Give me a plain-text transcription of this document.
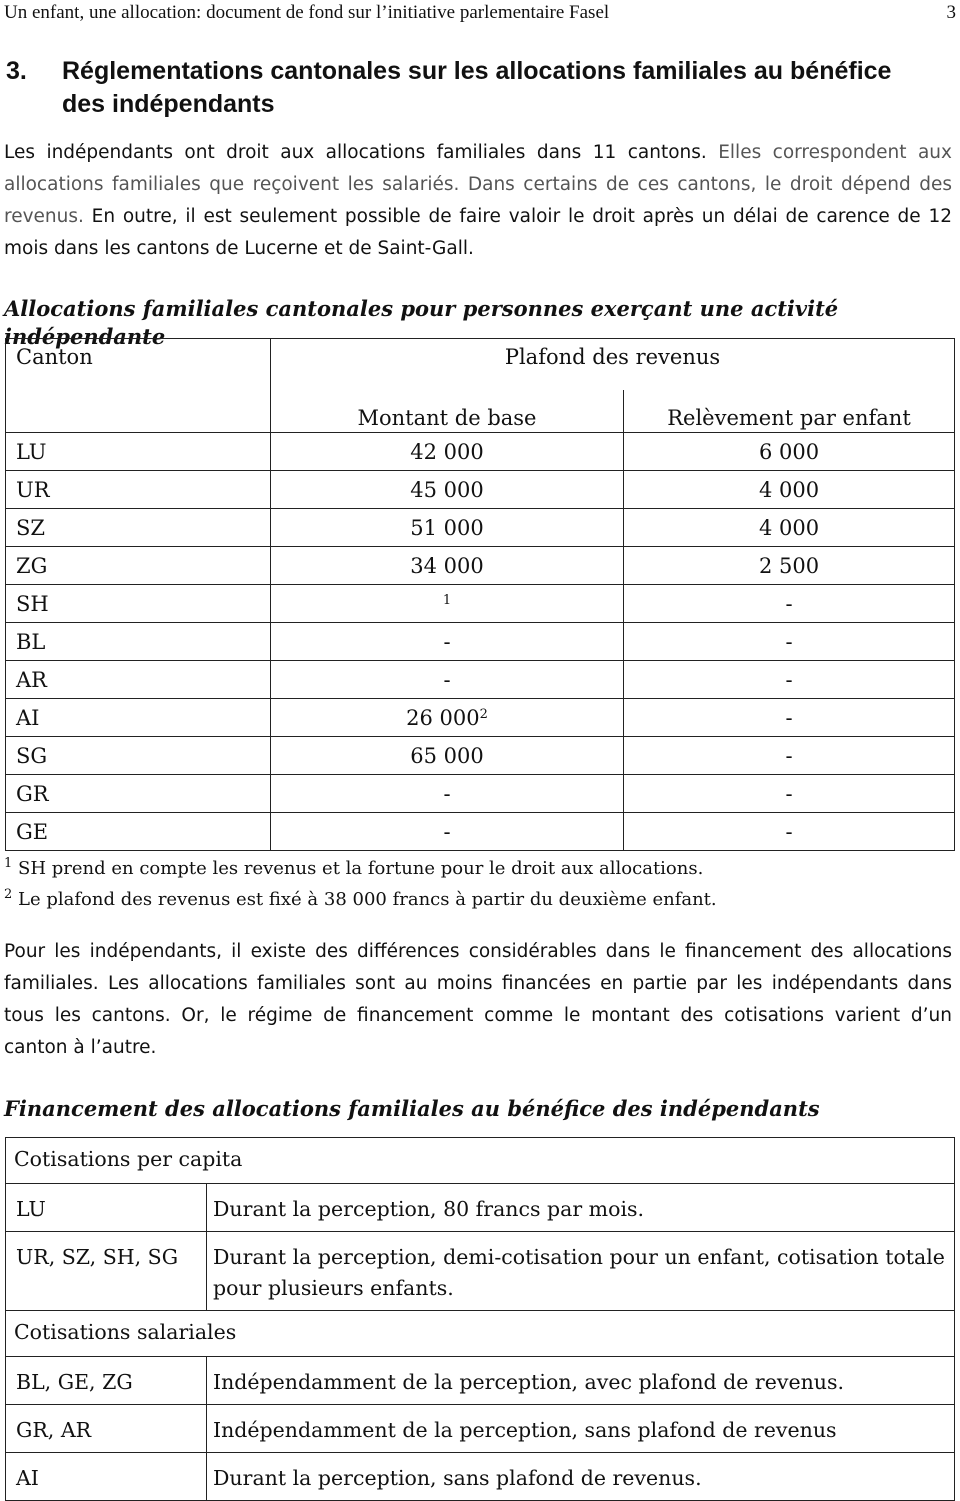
Un enfant, une allocation: document de fond sur l’initiative parlementaire Fasel	3
3. Réglementations cantonales sur les allocations familiales au bénéfice
des indépendants
Les indépendants ont droit aux allocations familiales dans 11 cantons. Elles correspondent aux allocations familiales que reçoivent les salariés. Dans certains de ces cantons, le droit dépend des revenus. En outre, il est seulement possible de faire valoir le droit après un délai de carence de 12 mois dans les cantons de Lucerne et de Saint-Gall.
Allocations familiales cantonales pour personnes exerçant une activité indépendante
Canton	Plafond des revenus	
	Montant de base	Relèvement par enfant
LU	42 000	6 000
UR	45 000	4 000
SZ	51 000	4 000
ZG	34 000	2 500
SH	$^1$	-
BL	-	-
AR	-	-
AI	26 $000^2$	-
SG	65 000	-
GR	-	-
GE	-	-
$^1$ SH prend en compte les revenus et la fortune pour le droit aux allocations.
$^2$ Le plafond des revenus est fixé à 38 000 francs à partir du deuxième enfant.
Pour les indépendants, il existe des différences considérables dans le financement des allocations familiales. Les allocations familiales sont au moins financées en partie par les indépendants dans tous les cantons. Or, le régime de financement comme le montant des cotisations varient d’un canton à l’autre.
Financement des allocations familiales au bénéfice des indépendants
Cotisations per capita	
LU	Durant la perception, 80 francs par mois.
UR, SZ, SH, SG	Durant la perception, demi-cotisation pour un enfant, cotisation totale pour plusieurs enfants.
Cotisations salariales	
BL, GE, ZG	Indépendamment de la perception, avec plafond de revenus.
GR, AR	Indépendamment de la perception, sans plafond de revenus
AI	Durant la perception, sans plafond de revenus.
